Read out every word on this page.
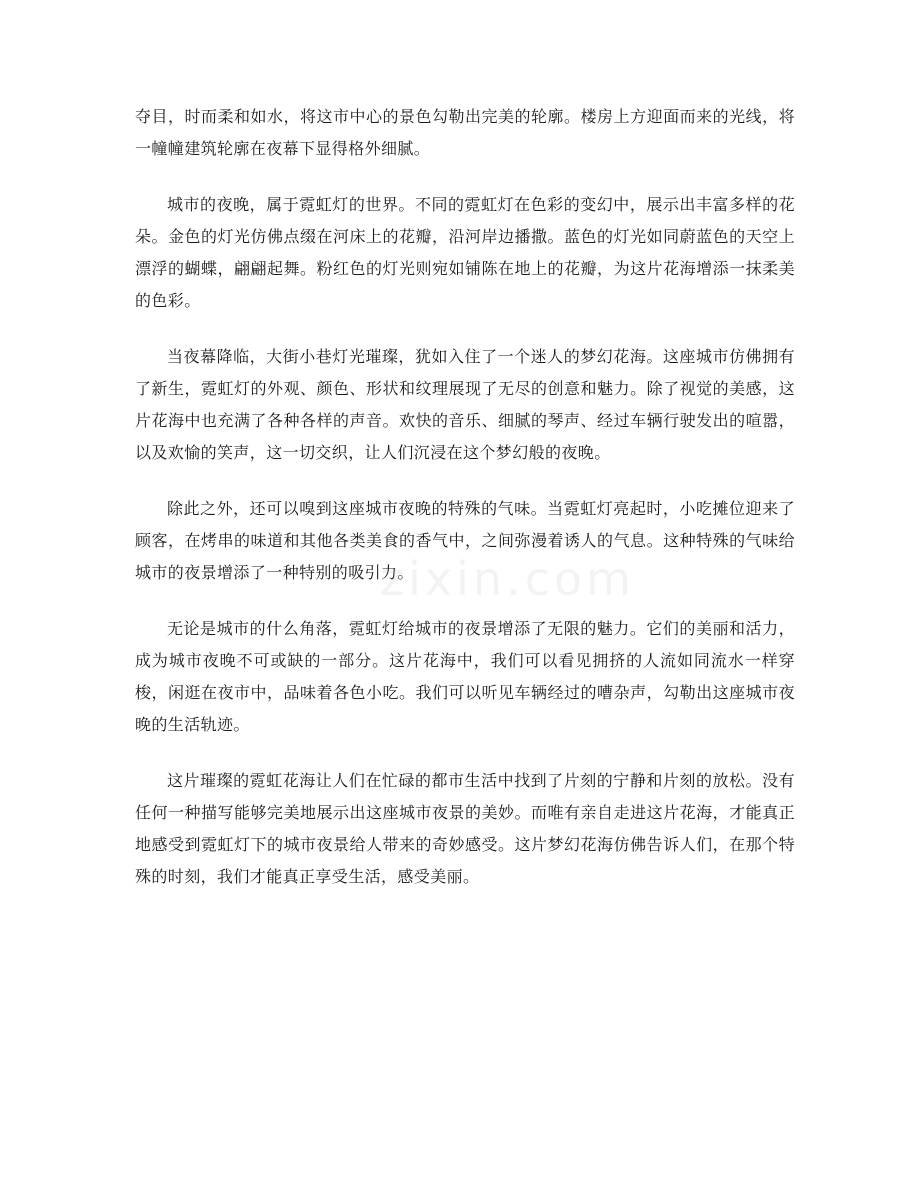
夺目，时而柔和如水，将这市中心的景色勾勒出完美的轮廓。楼房上方迎面而来的光线，将一幢幢建筑轮廓在夜幕下显得格外细腻。

城市的夜晚，属于霓虹灯的世界。不同的霓虹灯在色彩的变幻中，展示出丰富多样的花朵。金色的灯光仿佛点缀在河床上的花瓣，沿河岸边播撒。蓝色的灯光如同蔚蓝色的天空上漂浮的蝴蝶，翩翩起舞。粉红色的灯光则宛如铺陈在地上的花瓣，为这片花海增添一抹柔美的色彩。

当夜幕降临，大街小巷灯光璀璨，犹如入住了一个迷人的梦幻花海。这座城市仿佛拥有了新生，霓虹灯的外观、颜色、形状和纹理展现了无尽的创意和魅力。除了视觉的美感，这片花海中也充满了各种各样的声音。欢快的音乐、细腻的琴声、经过车辆行驶发出的喧嚣，以及欢愉的笑声，这一切交织，让人们沉浸在这个梦幻般的夜晚。

除此之外，还可以嗅到这座城市夜晚的特殊的气味。当霓虹灯亮起时，小吃摊位迎来了顾客，在烤串的味道和其他各类美食的香气中，之间弥漫着诱人的气息。这种特殊的气味给城市的夜景增添了一种特别的吸引力。

无论是城市的什么角落，霓虹灯给城市的夜景增添了无限的魅力。它们的美丽和活力，成为城市夜晚不可或缺的一部分。这片花海中，我们可以看见拥挤的人流如同流水一样穿梭，闲逛在夜市中，品味着各色小吃。我们可以听见车辆经过的嘈杂声，勾勒出这座城市夜晚的生活轨迹。

这片璀璨的霓虹花海让人们在忙碌的都市生活中找到了片刻的宁静和片刻的放松。没有任何一种描写能够完美地展示出这座城市夜景的美妙。而唯有亲自走进这片花海，才能真正地感受到霓虹灯下的城市夜景给人带来的奇妙感受。这片梦幻花海仿佛告诉人们，在那个特殊的时刻，我们才能真正享受生活，感受美丽。

zixin.com
